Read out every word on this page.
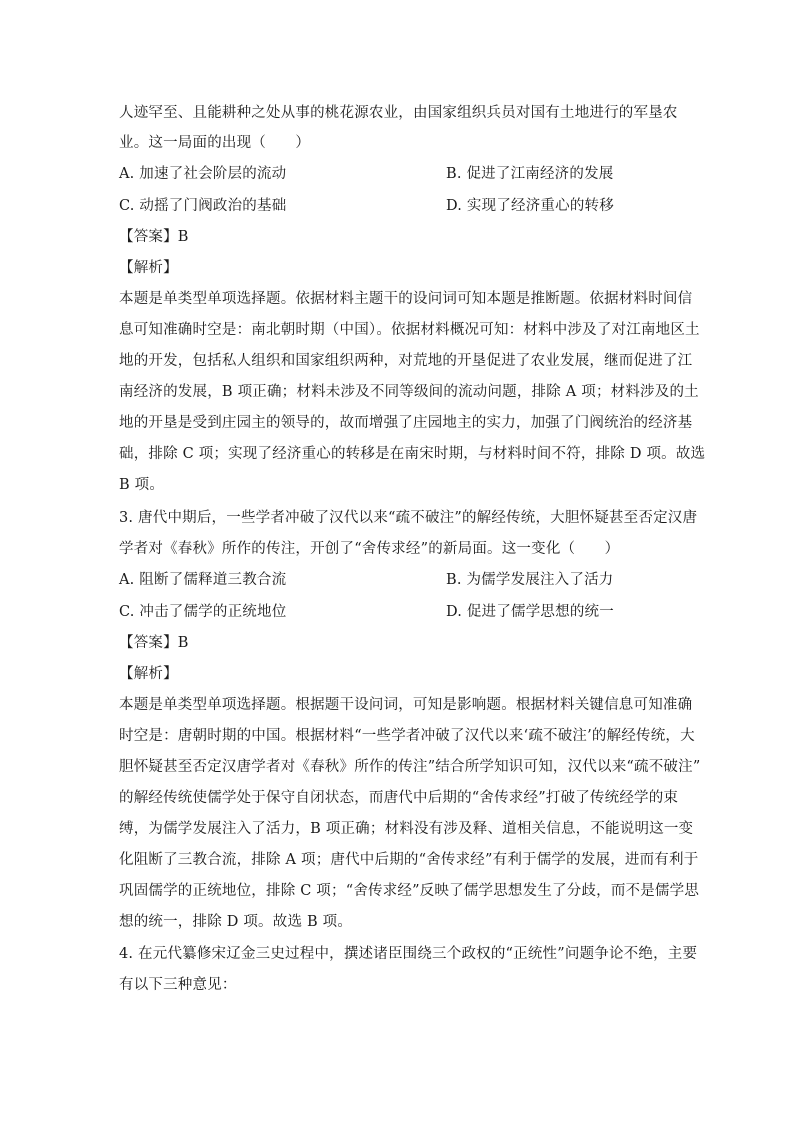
人迹罕至、且能耕种之处从事的桃花源农业，由国家组织兵员对国有土地进行的军垦农
业。这一局面的出现（　　）
A. 加速了社会阶层的流动	B. 促进了江南经济的发展
C. 动摇了门阀政治的基础	D. 实现了经济重心的转移
【答案】B
【解析】
本题是单类型单项选择题。依据材料主题干的设问词可知本题是推断题。依据材料时间信
息可知准确时空是：南北朝时期（中国）。依据材料概况可知：材料中涉及了对江南地区土
地的开发，包括私人组织和国家组织两种，对荒地的开垦促进了农业发展，继而促进了江
南经济的发展，B 项正确；材料未涉及不同等级间的流动问题，排除 A 项；材料涉及的土
地的开垦是受到庄园主的领导的，故而增强了庄园地主的实力，加强了门阀统治的经济基
础，排除 C 项；实现了经济重心的转移是在南宋时期，与材料时间不符，排除 D 项。故选
B 项。
3. 唐代中期后，一些学者冲破了汉代以来“疏不破注”的解经传统，大胆怀疑甚至否定汉唐
学者对《春秋》所作的传注，开创了“舍传求经”的新局面。这一变化（　　）
A. 阻断了儒释道三教合流	B. 为儒学发展注入了活力
C. 冲击了儒学的正统地位	D. 促进了儒学思想的统一
【答案】B
【解析】
本题是单类型单项选择题。根据题干设问词，可知是影响题。根据材料关键信息可知准确
时空是：唐朝时期的中国。根据材料“一些学者冲破了汉代以来‘疏不破注’的解经传统，大
胆怀疑甚至否定汉唐学者对《春秋》所作的传注”结合所学知识可知，汉代以来“疏不破注”
的解经传统使儒学处于保守自闭状态，而唐代中后期的“舍传求经”打破了传统经学的束
缚，为儒学发展注入了活力，B 项正确；材料没有涉及释、道相关信息，不能说明这一变
化阻断了三教合流，排除 A 项；唐代中后期的“舍传求经”有利于儒学的发展，进而有利于
巩固儒学的正统地位，排除 C 项；“舍传求经”反映了儒学思想发生了分歧，而不是儒学思
想的统一，排除 D 项。故选 B 项。
4. 在元代纂修宋辽金三史过程中，撰述诸臣围绕三个政权的“正统性”问题争论不绝，主要
有以下三种意见：
